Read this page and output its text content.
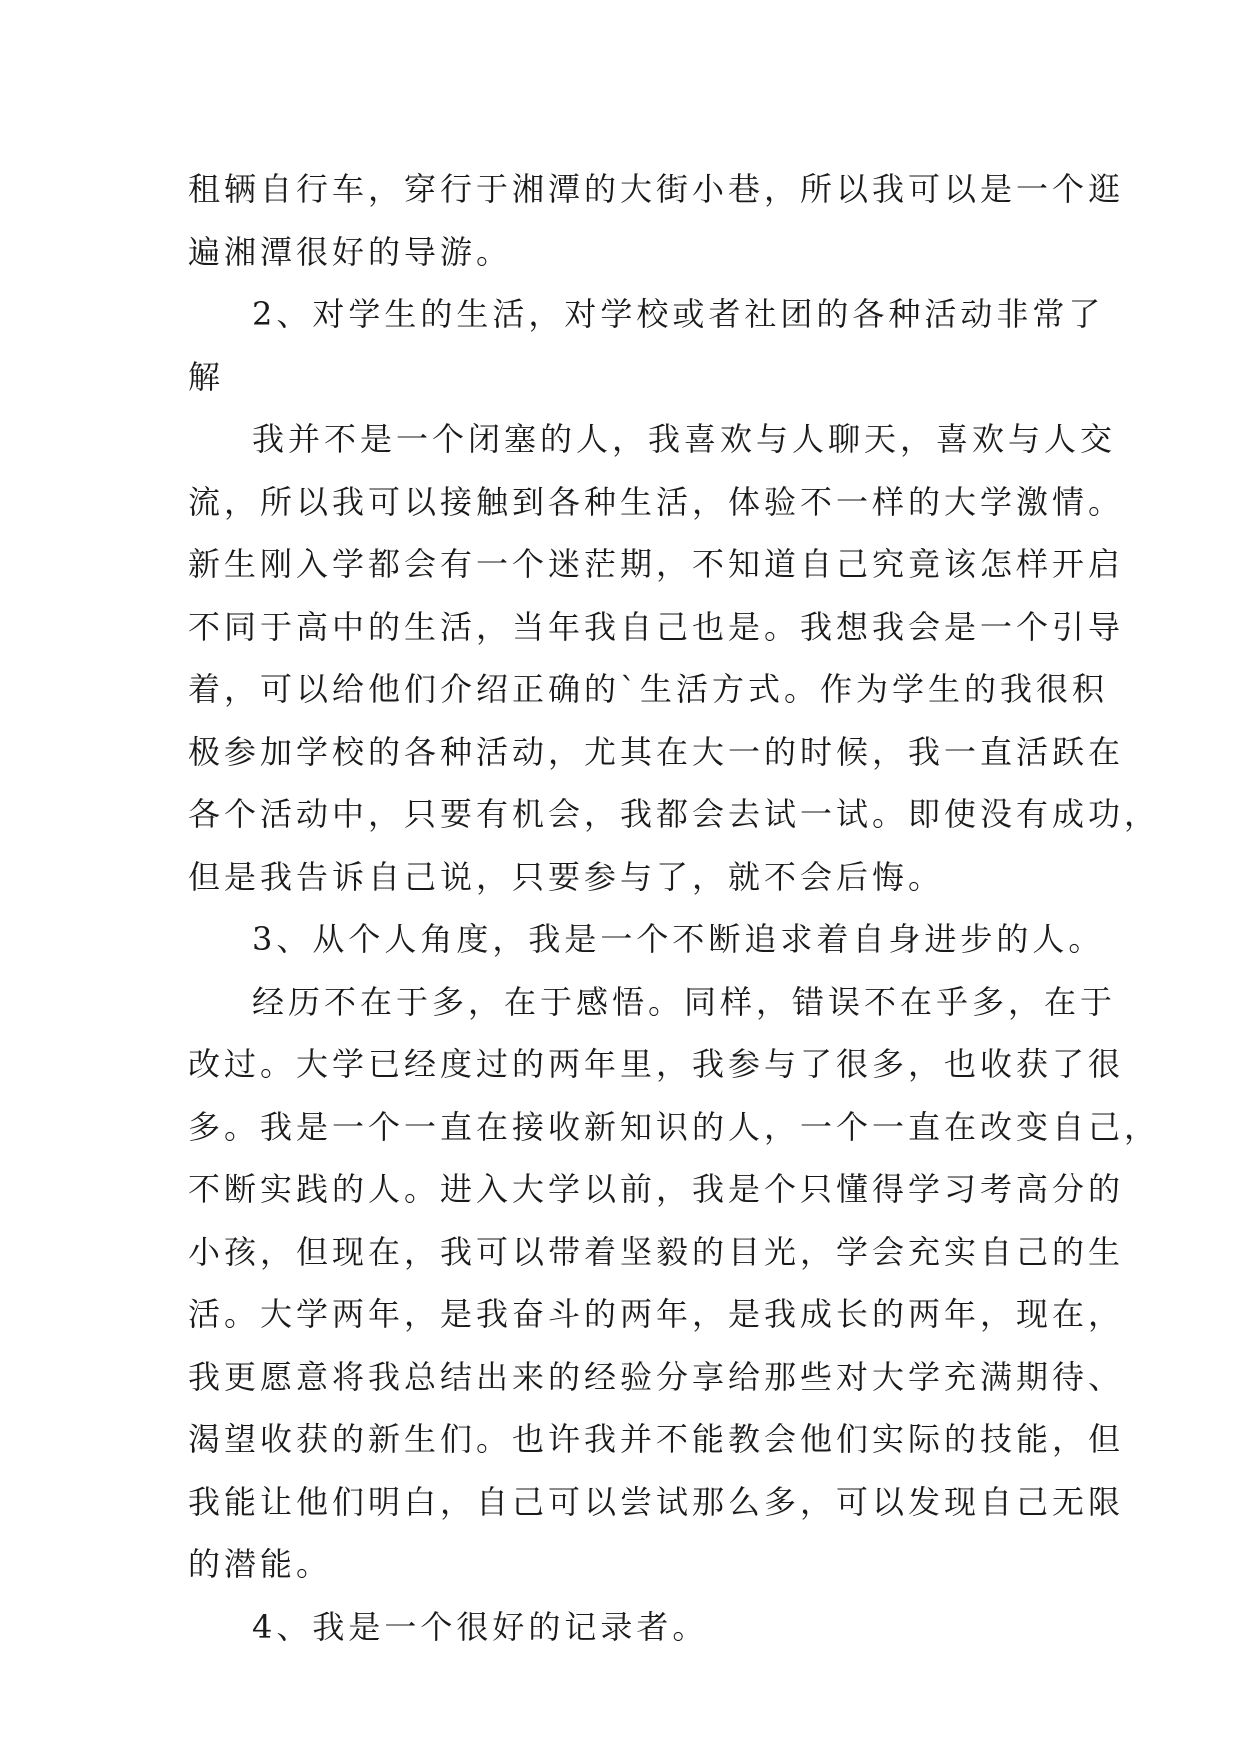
租辆自行车，穿行于湘潭的大街小巷，所以我可以是一个逛
遍湘潭很好的导游。
2、对学生的生活，对学校或者社团的各种活动非常了
解
我并不是一个闭塞的人，我喜欢与人聊天，喜欢与人交
流，所以我可以接触到各种生活，体验不一样的大学激情。
新生刚入学都会有一个迷茫期，不知道自己究竟该怎样开启
不同于高中的生活，当年我自己也是。我想我会是一个引导
着，可以给他们介绍正确的`生活方式。作为学生的我很积
极参加学校的各种活动，尤其在大一的时候，我一直活跃在
各个活动中，只要有机会，我都会去试一试。即使没有成功，
但是我告诉自己说，只要参与了，就不会后悔。
3、从个人角度，我是一个不断追求着自身进步的人。
经历不在于多，在于感悟。同样，错误不在乎多，在于
改过。大学已经度过的两年里，我参与了很多，也收获了很
多。我是一个一直在接收新知识的人，一个一直在改变自己，
不断实践的人。进入大学以前，我是个只懂得学习考高分的
小孩，但现在，我可以带着坚毅的目光，学会充实自己的生
活。大学两年，是我奋斗的两年，是我成长的两年，现在，
我更愿意将我总结出来的经验分享给那些对大学充满期待、
渴望收获的新生们。也许我并不能教会他们实际的技能，但
我能让他们明白，自己可以尝试那么多，可以发现自己无限
的潜能。
4、我是一个很好的记录者。
